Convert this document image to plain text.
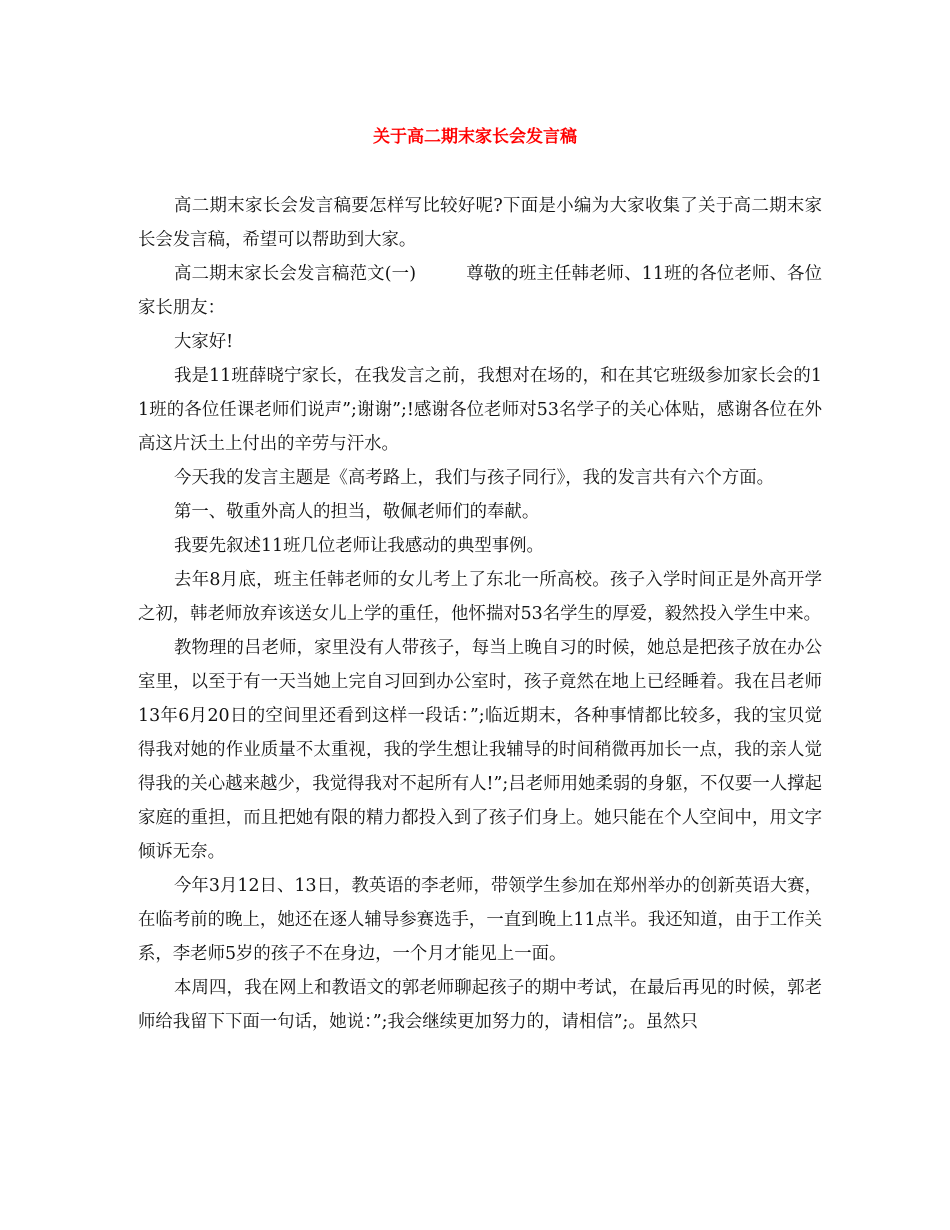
关于高二期末家长会发言稿

高二期末家长会发言稿要怎样写比较好呢?下面是小编为大家收集了关于高二期末家长会发言稿，希望可以帮助到大家。

高二期末家长会发言稿范文(一)	尊敬的班主任韩老师、11班的各位老师、各位家长朋友：

大家好!

我是11班薛晓宁家长，在我发言之前，我想对在场的，和在其它班级参加家长会的11班的各位任课老师们说声”;谢谢”;!感谢各位老师对53名学子的关心体贴，感谢各位在外高这片沃土上付出的辛劳与汗水。

今天我的发言主题是《高考路上，我们与孩子同行》，我的发言共有六个方面。

第一、敬重外高人的担当，敬佩老师们的奉献。

我要先叙述11班几位老师让我感动的典型事例。

去年8月底，班主任韩老师的女儿考上了东北一所高校。孩子入学时间正是外高开学之初，韩老师放弃该送女儿上学的重任，他怀揣对53名学生的厚爱，毅然投入学生中来。

教物理的吕老师，家里没有人带孩子，每当上晚自习的时候，她总是把孩子放在办公室里，以至于有一天当她上完自习回到办公室时，孩子竟然在地上已经睡着。我在吕老师13年6月20日的空间里还看到这样一段话：”;临近期末，各种事情都比较多，我的宝贝觉得我对她的作业质量不太重视，我的学生想让我辅导的时间稍微再加长一点，我的亲人觉得我的关心越来越少，我觉得我对不起所有人!”;吕老师用她柔弱的身躯，不仅要一人撑起家庭的重担，而且把她有限的精力都投入到了孩子们身上。她只能在个人空间中，用文字倾诉无奈。

今年3月12日、13日，教英语的李老师，带领学生参加在郑州举办的创新英语大赛，在临考前的晚上，她还在逐人辅导参赛选手，一直到晚上11点半。我还知道，由于工作关系，李老师5岁的孩子不在身边，一个月才能见上一面。

本周四，我在网上和教语文的郭老师聊起孩子的期中考试，在最后再见的时候，郭老师给我留下下面一句话，她说：”;我会继续更加努力的，请相信”;。虽然只
